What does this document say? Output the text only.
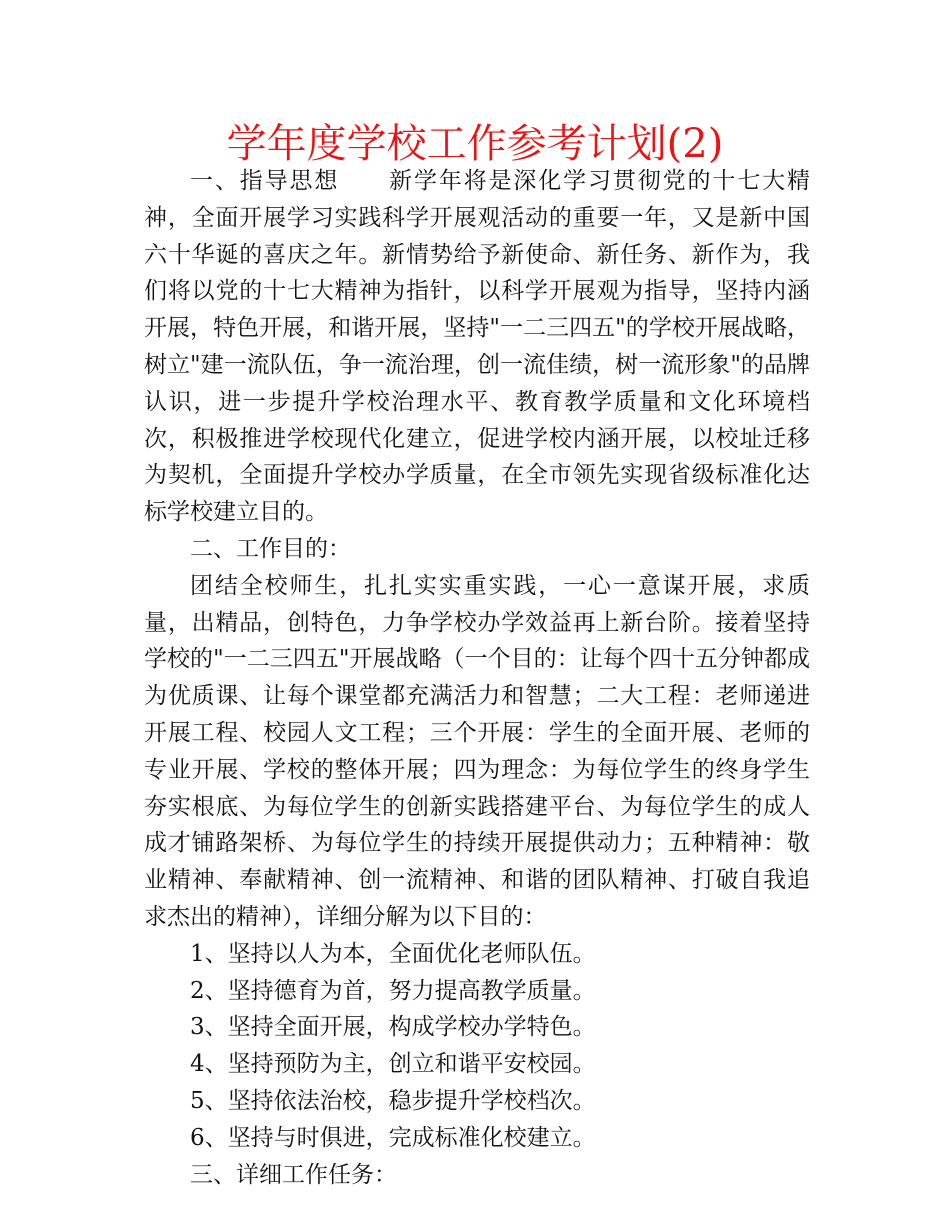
学年度学校工作参考计划(2)

一、指导思想 新学年将是深化学习贯彻党的十七大精神，全面开展学习实践科学开展观活动的重要一年，又是新中国六十华诞的喜庆之年。新情势给予新使命、新任务、新作为，我们将以党的十七大精神为指针，以科学开展观为指导，坚持内涵开展，特色开展，和谐开展，坚持"一二三四五"的学校开展战略，树立"建一流队伍，争一流治理，创一流佳绩，树一流形象"的品牌认识，进一步提升学校治理水平、教育教学质量和文化环境档次，积极推进学校现代化建立，促进学校内涵开展，以校址迁移为契机，全面提升学校办学质量，在全市领先实现省级标准化达标学校建立目的。

二、工作目的：

团结全校师生，扎扎实实重实践，一心一意谋开展，求质量，出精品，创特色，力争学校办学效益再上新台阶。接着坚持学校的"一二三四五"开展战略（一个目的：让每个四十五分钟都成为优质课、让每个课堂都充满活力和智慧；二大工程：老师递进开展工程、校园人文工程；三个开展：学生的全面开展、老师的专业开展、学校的整体开展；四为理念：为每位学生的终身学生夯实根底、为每位学生的创新实践搭建平台、为每位学生的成人成才铺路架桥、为每位学生的持续开展提供动力；五种精神：敬业精神、奉献精神、创一流精神、和谐的团队精神、打破自我追求杰出的精神），详细分解为以下目的：

1、坚持以人为本，全面优化老师队伍。

2、坚持德育为首，努力提高教学质量。

3、坚持全面开展，构成学校办学特色。

4、坚持预防为主，创立和谐平安校园。

5、坚持依法治校，稳步提升学校档次。

6、坚持与时俱进，完成标准化校建立。

三、详细工作任务：
